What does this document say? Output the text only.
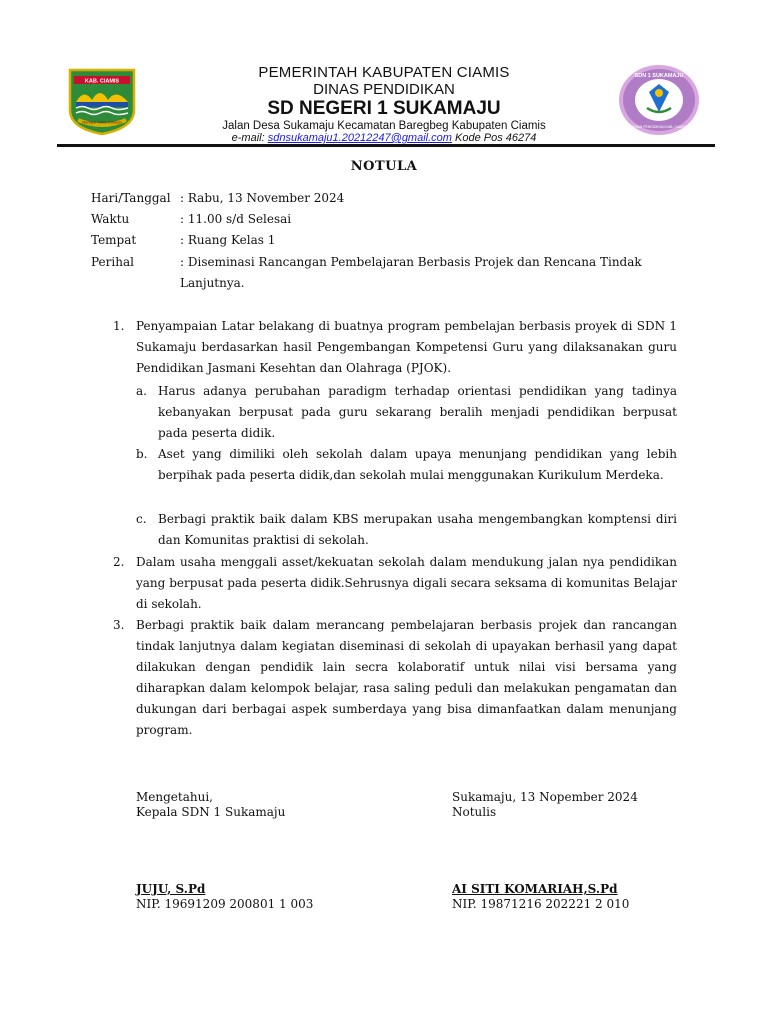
KAB. CIAMIS
Rahayu Kerta Raharja
SDN 1 SUKAMAJU
DINAS PENDIDIKAN KAB. CIAMIS
PEMERINTAH KABUPATEN CIAMIS
DINAS PENDIDIKAN
SD NEGERI 1 SUKAMAJU
Jalan Desa Sukamaju Kecamatan Baregbeg Kabupaten Ciamis
e-mail: sdnsukamaju1.20212247@gmail.com Kode Pos 46274
NOTULA
Hari/Tanggal : Rabu, 13 November 2024
Waktu	: 11.00 s/d Selesai
Tempat	: Ruang Kelas 1
Perihal	: Diseminasi Rancangan Pembelajaran Berbasis Projek dan Rencana Tindak
Lanjutnya.
1. Penyampaian Latar belakang di buatnya program pembelajan berbasis proyek di SDN 1 Sukamaju berdasarkan hasil Pengembangan Kompetensi Guru yang dilaksanakan guru Pendidikan Jasmani Kesehtan dan Olahraga (PJOK).
a. Harus adanya perubahan paradigm terhadap orientasi pendidikan yang tadinya kebanyakan berpusat pada guru sekarang beralih menjadi pendidikan berpusat pada peserta didik.
b. Aset yang dimiliki oleh sekolah dalam upaya menunjang pendidikan yang lebih berpihak pada peserta didik,dan sekolah mulai menggunakan Kurikulum Merdeka.
c. Berbagi praktik baik dalam KBS merupakan usaha mengembangkan komptensi diri dan Komunitas praktisi di sekolah.
2. Dalam usaha menggali asset/kekuatan sekolah dalam mendukung jalan nya pendidikan yang berpusat pada peserta didik.Sehrusnya digali secara seksama di komunitas Belajar di sekolah.
3. Berbagi praktik baik dalam merancang pembelajaran berbasis projek dan rancangan tindak lanjutnya dalam kegiatan diseminasi di sekolah di upayakan berhasil yang dapat dilakukan dengan pendidik lain secra kolaboratif untuk nilai visi bersama yang diharapkan dalam kelompok belajar, rasa saling peduli dan melakukan pengamatan dan dukungan dari berbagai aspek sumberdaya yang bisa dimanfaatkan dalam menunjang program.
Mengetahui,
Kepala SDN 1 Sukamaju
JUJU, S.Pd
NIP. 19691209 200801 1 003
Sukamaju, 13 Nopember 2024
Notulis
AI SITI KOMARIAH,S.Pd
NIP. 19871216 202221 2 010
